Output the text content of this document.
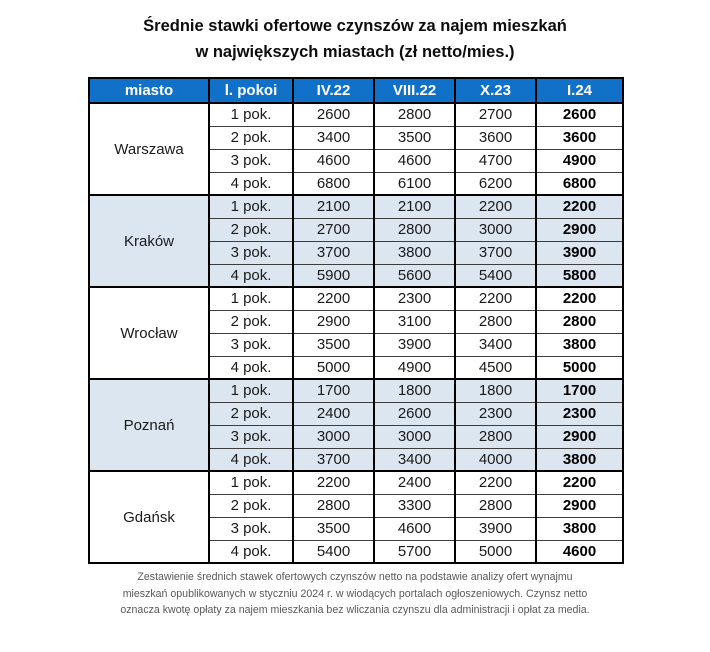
Średnie stawki ofertowe czynszów za najem mieszkań
w największych miastach (zł netto/mies.)
miasto	l. pokoi	IV.22	VIII.22	X.23	I.24
Warszawa	1 pok.	2600	2800	2700	2600
	2 pok.	3400	3500	3600	3600
	3 pok.	4600	4600	4700	4900
	4 pok.	6800	6100	6200	6800
Kraków	1 pok.	2100	2100	2200	2200
	2 pok.	2700	2800	3000	2900
	3 pok.	3700	3800	3700	3900
	4 pok.	5900	5600	5400	5800
Wrocław	1 pok.	2200	2300	2200	2200
	2 pok.	2900	3100	2800	2800
	3 pok.	3500	3900	3400	3800
	4 pok.	5000	4900	4500	5000
Poznań	1 pok.	1700	1800	1800	1700
	2 pok.	2400	2600	2300	2300
	3 pok.	3000	3000	2800	2900
	4 pok.	3700	3400	4000	3800
Gdańsk	1 pok.	2200	2400	2200	2200
	2 pok.	2800	3300	2800	2900
	3 pok.	3500	4600	3900	3800
	4 pok.	5400	5700	5000	4600
Zestawienie średnich stawek ofertowych czynszów netto na podstawie analizy ofert wynajmu
mieszkań opublikowanych w styczniu 2024 r. w wiodących portalach ogłoszeniowych. Czynsz netto
oznacza kwotę opłaty za najem mieszkania bez wliczania czynszu dla administracji i opłat za media.
